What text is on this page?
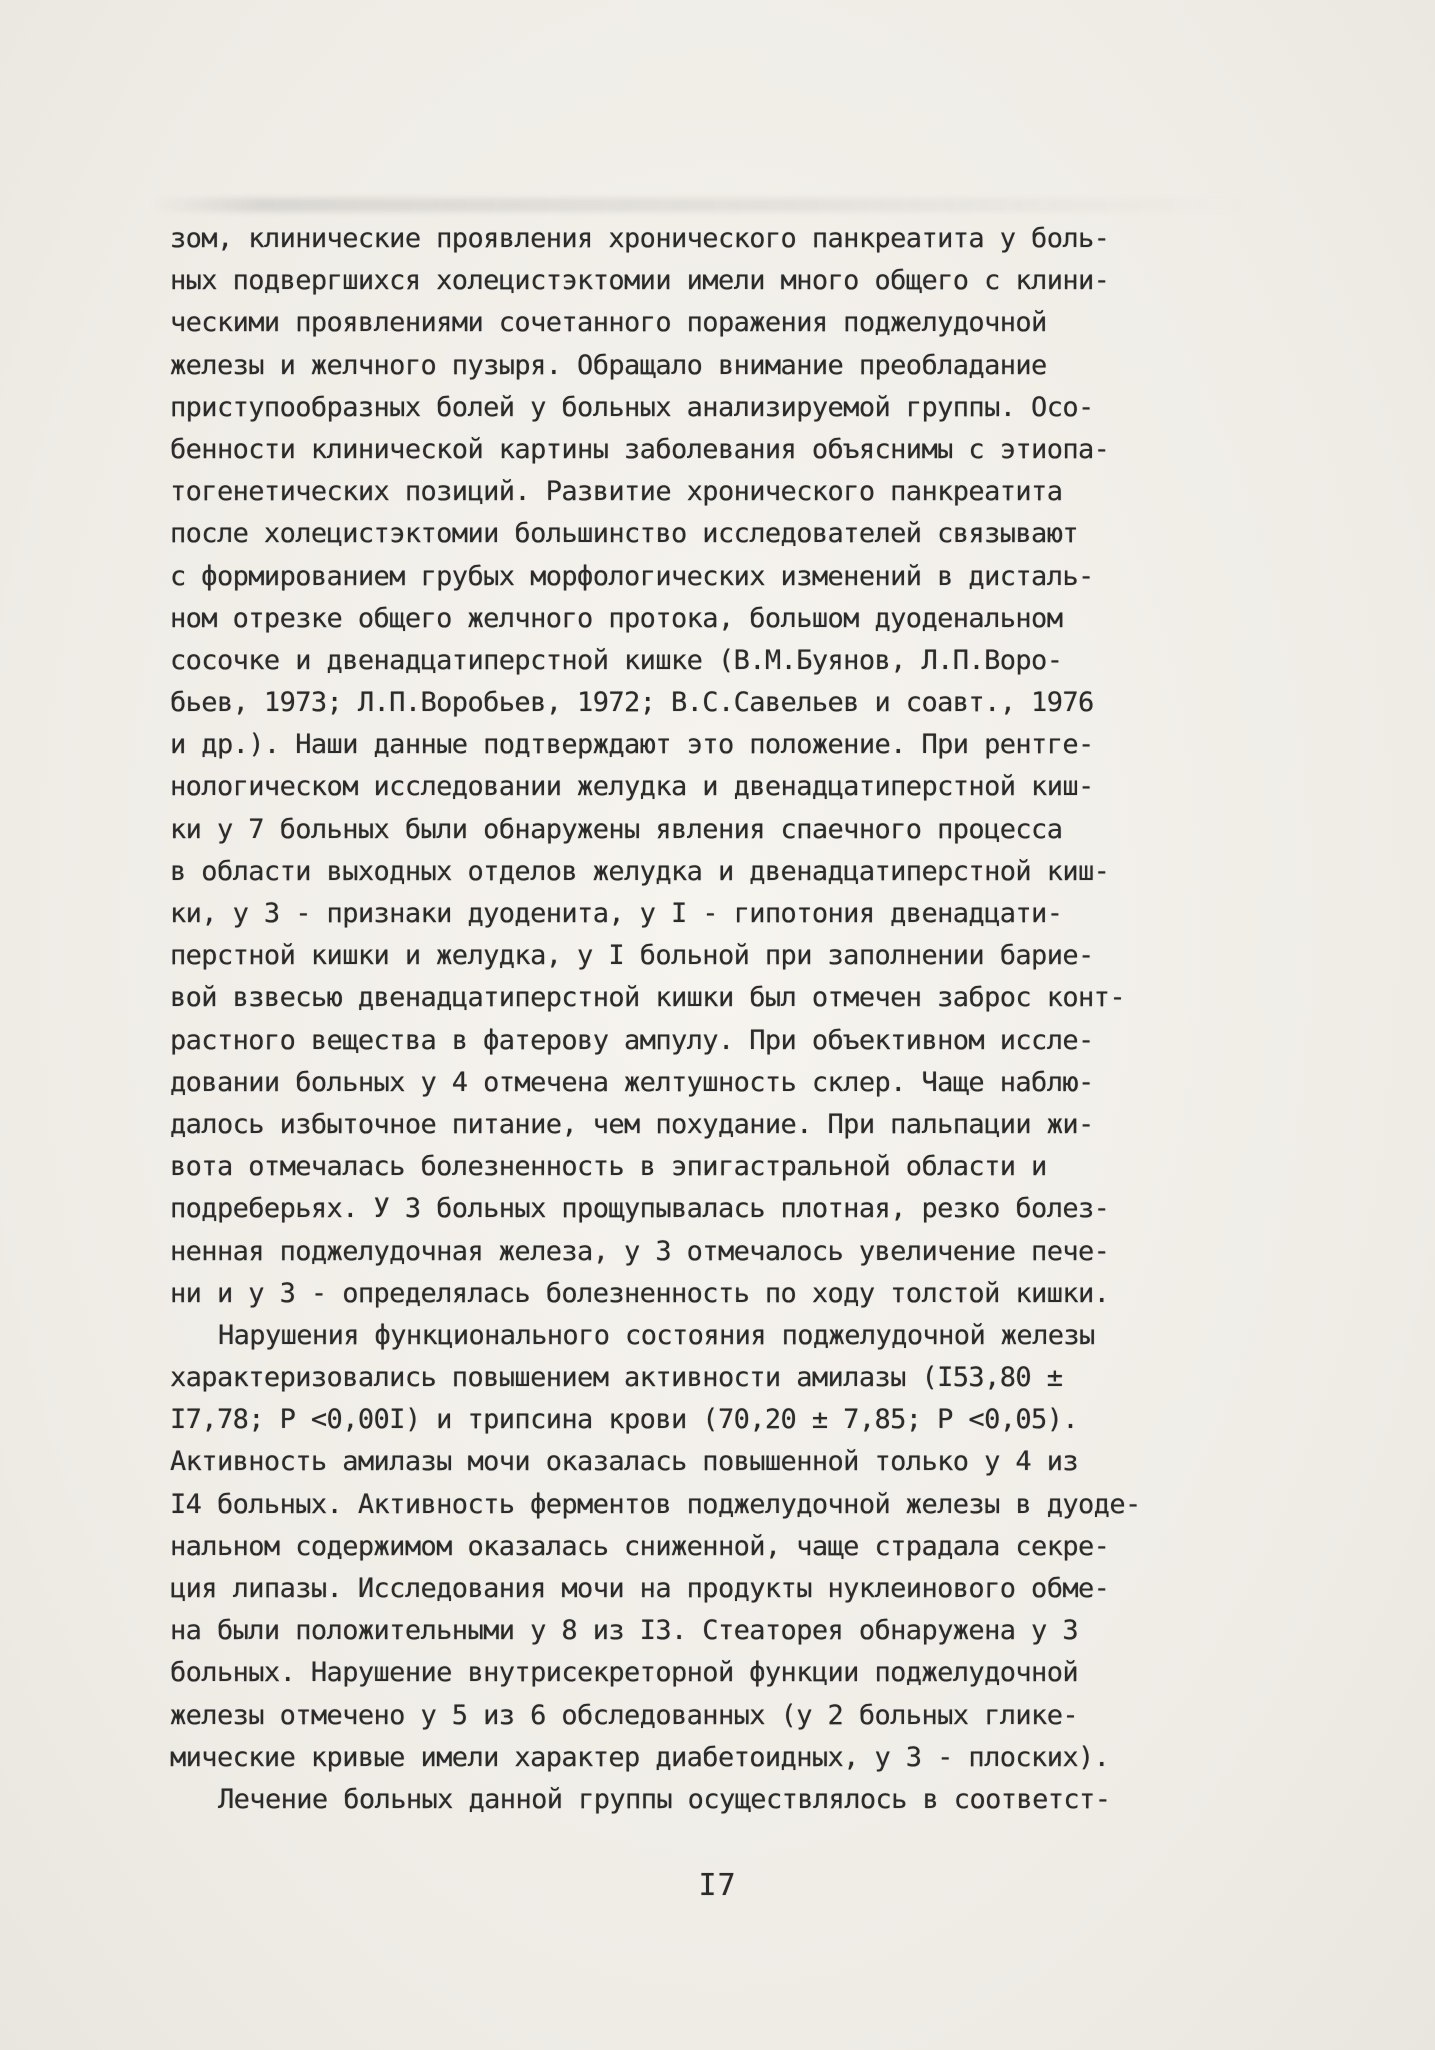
зом, клинические проявления хронического панкреатита у боль-
ных подвергшихся холецистэктомии имели много общего с клини-
ческими проявлениями сочетанного поражения поджелудочной
железы и желчного пузыря. Обращало внимание преобладание
приступообразных болей у больных анализируемой группы. Осо-
бенности клинической картины заболевания объяснимы с этиопа-
тогенетических позиций. Развитие хронического панкреатита
после холецистэктомии большинство исследователей связывают
с формированием грубых морфологических изменений в дисталь-
ном отрезке общего желчного протока, большом дуоденальном
сосочке и двенадцатиперстной кишке (В.М.Буянов, Л.П.Воро-
бьев, 1973; Л.П.Воробьев, 1972; В.С.Савельев и соавт., 1976
и др.). Наши данные подтверждают это положение. При рентге-
нологическом исследовании желудка и двенадцатиперстной киш-
ки у 7 больных были обнаружены явления спаечного процесса
в области выходных отделов желудка и двенадцатиперстной киш-
ки, у 3 - признаки дуоденита, у I - гипотония двенадцати-
перстной кишки и желудка, у I больной при заполнении барие-
вой взвесью двенадцатиперстной кишки был отмечен заброс конт-
растного вещества в фатерову ампулу. При объективном иссле-
довании больных у 4 отмечена желтушность склер. Чаще наблю-
далось избыточное питание, чем похудание. При пальпации жи-
вота отмечалась болезненность в эпигастральной области и
подреберьях. У 3 больных прощупывалась плотная, резко болез-
ненная поджелудочная железа, у 3 отмечалось увеличение пече-
ни и у 3 - определялась болезненность по ходу толстой кишки.
Нарушения функционального состояния поджелудочной железы
характеризовались повышением активности амилазы (I53,80 ±
I7,78; P <0,00I) и трипсина крови (70,20 ± 7,85; P <0,05).
Активность амилазы мочи оказалась повышенной только у 4 из
I4 больных. Активность ферментов поджелудочной железы в дуоде-
нальном содержимом оказалась сниженной, чаще страдала секре-
ция липазы. Исследования мочи на продукты нуклеинового обме-
на были положительными у 8 из I3. Стеаторея обнаружена у 3
больных. Нарушение внутрисекреторной функции поджелудочной
железы отмечено у 5 из 6 обследованных (у 2 больных глике-
мические кривые имели характер диабетоидных, у 3 - плоских).
Лечение больных данной группы осуществлялось в соответст-
I7
